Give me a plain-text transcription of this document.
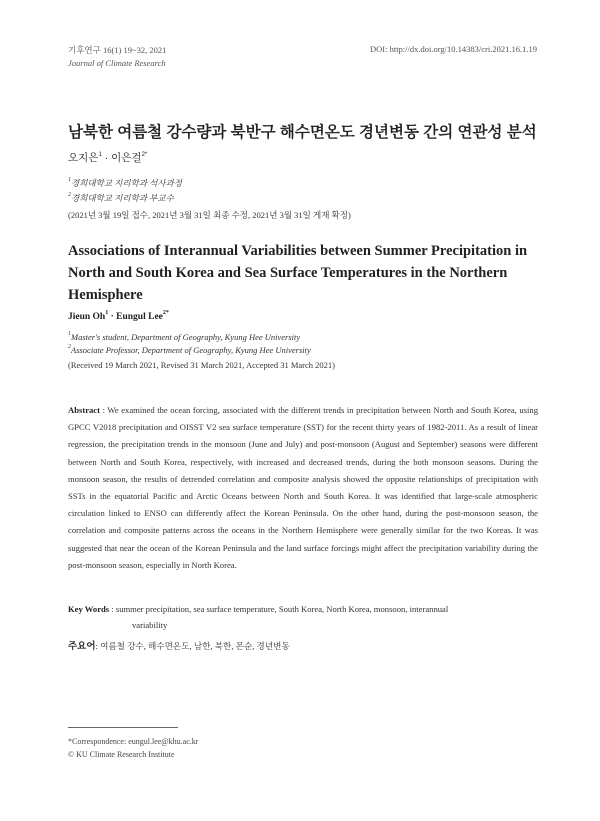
기후연구 16(1) 19~32, 2021
Journal of Climate Research
DOI: http://dx.doi.org/10.14383/cri.2021.16.1.19
남북한 여름철 강수량과 북반구 해수면온도 경년변동 간의 연관성 분석
오지은$^1$ · 이은걸$^{2*}$
$^1$경희대학교 지리학과 석사과정
$^2$경희대학교 지리학과 부교수
(2021년 3월 19일 접수, 2021년 3월 31일 최종 수정, 2021년 3월 31일 게재 확정)
Associations of Interannual Variabilities between Summer Precipitation in North and South Korea and Sea Surface Temperatures in the Northern Hemisphere
Jieun $Oh^1$ · Eungul Lee$^{2*}$
$^1$Master's student, Department of Geography, Kyung Hee University
$^2$Associate Professor, Department of Geography, Kyung Hee University
(Received 19 March 2021, Revised 31 March 2021, Accepted 31 March 2021)
Abstract : We examined the ocean forcing, associated with the different trends in precipitation between North and South Korea, using GPCC V2018 precipitation and OISST V2 sea surface temperature (SST) for the recent thirty years of 1982-2011. As a result of linear regression, the precipitation trends in the monsoon (June and July) and post-monsoon (August and September) seasons were different between North and South Korea, respectively, with increased and decreased trends, during the both monsoon seasons. During the monsoon season, the results of detrended correlation and composite analysis showed the opposite relationships of precipitation with SSTs in the equatorial Pacific and Arctic Oceans between North and South Korea. It was identified that large-scale atmospheric circulation linked to ENSO can differently affect the Korean Peninsula. On the other hand, during the post-monsoon season, the correlation and composite patterns across the oceans in the Northern Hemisphere were generally similar for the two Koreas. It was suggested that near the ocean of the Korean Peninsula and the land surface forcings might affect the precipitation variability during the post-monsoon season, especially in North Korea.
Key Words : summer precipitation, sea surface temperature, South Korea, North Korea, monsoon, interannual
variability
주요어: 여름철 강수, 해수면온도, 남한, 북한, 몬순, 경년변동
*Correspondence: eungul.lee@khu.ac.kr
© KU Climate Research Institute
